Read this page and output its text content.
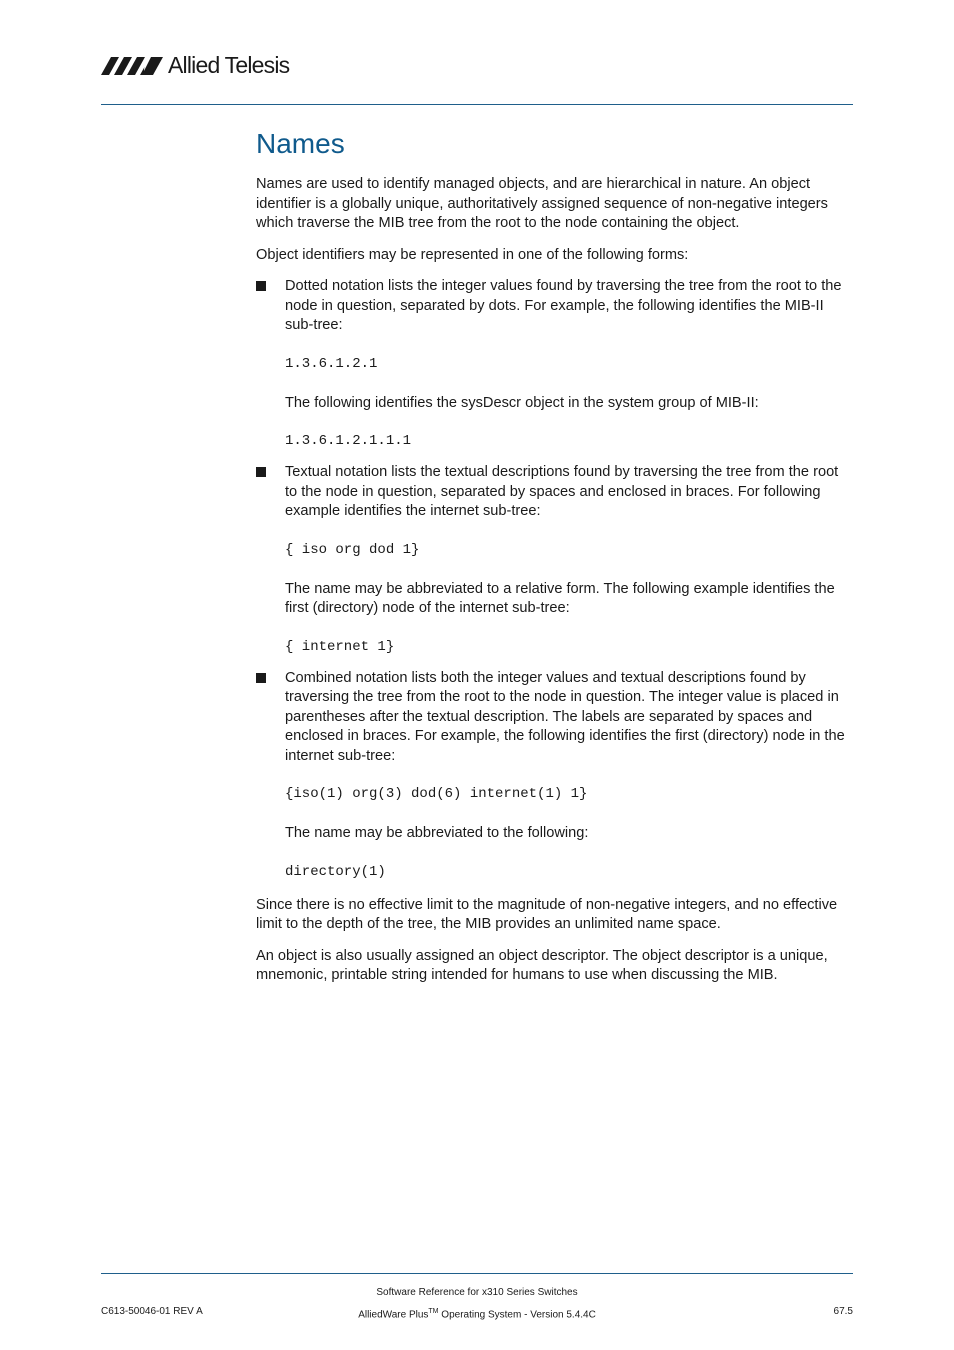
Allied Telesis
Names

Names are used to identify managed objects, and are hierarchical in nature. An object identifier is a globally unique, authoritatively assigned sequence of non-negative integers which traverse the MIB tree from the root to the node containing the object.

Object identifiers may be represented in one of the following forms:

Dotted notation lists the integer values found by traversing the tree from the root to the node in question, separated by dots. For example, the following identifies the MIB-II sub-tree:

1.3.6.1.2.1

The following identifies the sysDescr object in the system group of MIB-II:

1.3.6.1.2.1.1.1

Textual notation lists the textual descriptions found by traversing the tree from the root to the node in question, separated by spaces and enclosed in braces. For following example identifies the internet sub-tree:

{ iso org dod 1}

The name may be abbreviated to a relative form. The following example identifies the first (directory) node of the internet sub-tree:

{ internet 1}

Combined notation lists both the integer values and textual descriptions found by traversing the tree from the root to the node in question. The integer value is placed in parentheses after the textual description. The labels are separated by spaces and enclosed in braces. For example, the following identifies the first (directory) node in the internet sub-tree:

{iso(1) org(3) dod(6) internet(1) 1}

The name may be abbreviated to the following:

directory(1)

Since there is no effective limit to the magnitude of non-negative integers, and no effective limit to the depth of the tree, the MIB provides an unlimited name space.

An object is also usually assigned an object descriptor. The object descriptor is a unique, mnemonic, printable string intended for humans to use when discussing the MIB.

Software Reference for x310 Series Switches
C613-50046-01 REV A	AlliedWare Plus™ Operating System - Version 5.4.4C	67.5
